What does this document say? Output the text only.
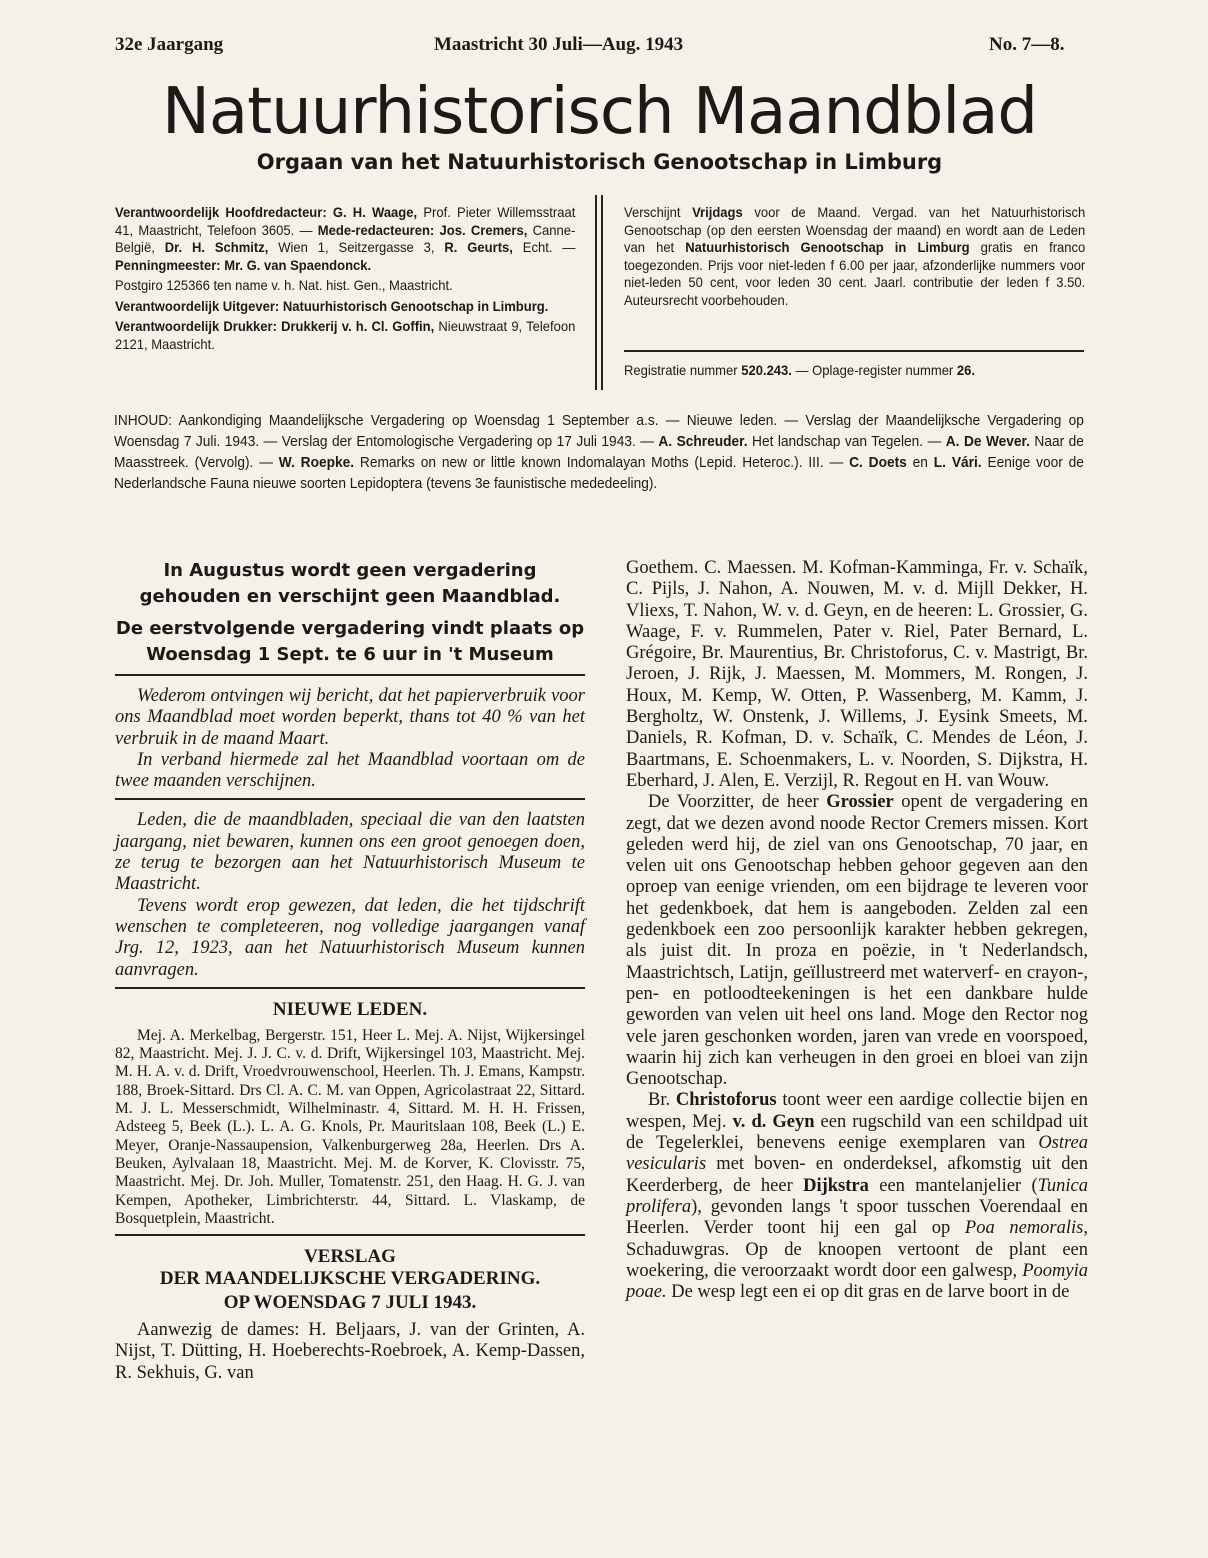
32e Jaargang	Maastricht 30 Juli—Aug. 1943	No. 7—8.
Natuurhistorisch Maandblad
Orgaan van het Natuurhistorisch Genootschap in Limburg

Verantwoordelijk Hoofdredacteur: G. H. Waage, Prof. Pieter Willemsstraat 41, Maastricht, Telefoon 3605. — Mede-redacteuren: Jos. Cremers, Canne-België, Dr. H. Schmitz, Wien 1, Seitzergasse 3, R. Geurts, Echt. — Penningmeester: Mr. G. van Spaendonck.

Postgiro 125366 ten name v. h. Nat. hist. Gen., Maastricht.

Verantwoordelijk Uitgever: Natuurhistorisch Genootschap in Limburg.

Verantwoordelijk Drukker: Drukkerij v. h. Cl. Goffin, Nieuwstraat 9, Telefoon 2121, Maastricht.

Verschijnt Vrijdags voor de Maand. Vergad. van het Natuurhistorisch Genootschap (op den eersten Woensdag der maand) en wordt aan de Leden van het Natuurhistorisch Genootschap in Limburg gratis en franco toegezonden. Prijs voor niet-leden f 6.00 per jaar, afzonderlijke nummers voor niet-leden 50 cent, voor leden 30 cent. Jaarl. contributie der leden f 3.50. Auteursrecht voorbehouden.

Registratie nummer 520.243. — Oplage-register nummer 26.
INHOUD: Aankondiging Maandelijksche Vergadering op Woensdag 1 September a.s. — Nieuwe leden. — Verslag der Maandelijksche Vergadering op Woensdag 7 Juli. 1943. — Verslag der Entomologische Vergadering op 17 Juli 1943. — A. Schreuder. Het landschap van Tegelen. — A. De Wever. Naar de Maasstreek. (Vervolg). — W. Roepke. Remarks on new or little known Indomalayan Moths (Lepid. Heteroc.). III. — C. Doets en L. Vári. Eenige voor de Nederlandsche Fauna nieuwe soorten Lepidoptera (tevens 3e faunistische mededeeling).
In Augustus wordt geen vergadering gehouden en verschijnt geen Maandblad.
De eerstvolgende vergadering vindt plaats op Woensdag 1 Sept. te 6 uur in 't Museum

Wederom ontvingen wij bericht, dat het papierverbruik voor ons Maandblad moet worden beperkt, thans tot 40 % van het verbruik in de maand Maart.

In verband hiermede zal het Maandblad voortaan om de twee maanden verschijnen.

Leden, die de maandbladen, speciaal die van den laatsten jaargang, niet bewaren, kunnen ons een groot genoegen doen, ze terug te bezorgen aan het Natuurhistorisch Museum te Maastricht.

Tevens wordt erop gewezen, dat leden, die het tijdschrift wenschen te completeeren, nog volledige jaargangen vanaf Jrg. 12, 1923, aan het Natuurhistorisch Museum kunnen aanvragen.

NIEUWE LEDEN.

Mej. A. Merkelbag, Bergerstr. 151, Heer L. Mej. A. Nijst, Wijkersingel 82, Maastricht. Mej. J. J. C. v. d. Drift, Wijkersingel 103, Maastricht. Mej. M. H. A. v. d. Drift, Vroedvrouwenschool, Heerlen. Th. J. Emans, Kampstr. 188, Broek-Sittard. Drs Cl. A. C. M. van Oppen, Agricolastraat 22, Sittard. M. J. L. Messerschmidt, Wilhelminastr. 4, Sittard. M. H. H. Frissen, Adsteeg 5, Beek (L.). L. A. G. Knols, Pr. Mauritslaan 108, Beek (L.) E. Meyer, Oranje-Nassaupension, Valkenburgerweg 28a, Heerlen. Drs A. Beuken, Aylvalaan 18, Maastricht. Mej. M. de Korver, K. Clovisstr. 75, Maastricht. Mej. Dr. Joh. Muller, Tomatenstr. 251, den Haag. H. G. J. van Kempen, Apotheker, Limbrichterstr. 44, Sittard. L. Vlaskamp, de Bosquetplein, Maastricht.

VERSLAG
DER MAANDELIJKSCHE VERGADERING.
OP WOENSDAG 7 JULI 1943.

Aanwezig de dames: H. Beljaars, J. van der Grinten, A. Nijst, T. Dütting, H. Hoeberechts-Roebroek, A. Kemp-Dassen, R. Sekhuis, G. van

Goethem. C. Maessen. M. Kofman-Kamminga, Fr. v. Schaïk, C. Pijls, J. Nahon, A. Nouwen, M. v. d. Mijll Dekker, H. Vliexs, T. Nahon, W. v. d. Geyn, en de heeren: L. Grossier, G. Waage, F. v. Rummelen, Pater v. Riel, Pater Bernard, L. Grégoire, Br. Maurentius, Br. Christoforus, C. v. Mastrigt, Br. Jeroen, J. Rijk, J. Maessen, M. Mommers, M. Rongen, J. Houx, M. Kemp, W. Otten, P. Wassenberg, M. Kamm, J. Bergholtz, W. Onstenk, J. Willems, J. Eysink Smeets, M. Daniels, R. Kofman, D. v. Schaïk, C. Mendes de Léon, J. Baartmans, E. Schoenmakers, L. v. Noorden, S. Dijkstra, H. Eberhard, J. Alen, E. Verzijl, R. Regout en H. van Wouw.

De Voorzitter, de heer Grossier opent de vergadering en zegt, dat we dezen avond noode Rector Cremers missen. Kort geleden werd hij, de ziel van ons Genootschap, 70 jaar, en velen uit ons Genootschap hebben gehoor gegeven aan den oproep van eenige vrienden, om een bijdrage te leveren voor het gedenkboek, dat hem is aangeboden. Zelden zal een gedenkboek een zoo persoonlijk karakter hebben gekregen, als juist dit. In proza en poëzie, in 't Nederlandsch, Maastrichtsch, Latijn, geïllustreerd met waterverf- en crayon-, pen- en potloodteekeningen is het een dankbare hulde geworden van velen uit heel ons land. Moge den Rector nog vele jaren geschonken worden, jaren van vrede en voorspoed, waarin hij zich kan verheugen in den groei en bloei van zijn Genootschap.

Br. Christoforus toont weer een aardige collectie bijen en wespen, Mej. v. d. Geyn een rugschild van een schildpad uit de Tegelerklei, benevens eenige exemplaren van Ostrea vesicularis met boven- en onderdeksel, afkomstig uit den Keerderberg, de heer Dijkstra een mantelanjelier (Tunica prolifera), gevonden langs 't spoor tusschen Voerendaal en Heerlen. Verder toont hij een gal op Poa nemoralis, Schaduwgras. Op de knoopen vertoont de plant een woekering, die veroorzaakt wordt door een galwesp, Poomyia poae. De wesp legt een ei op dit gras en de larve boort in de
